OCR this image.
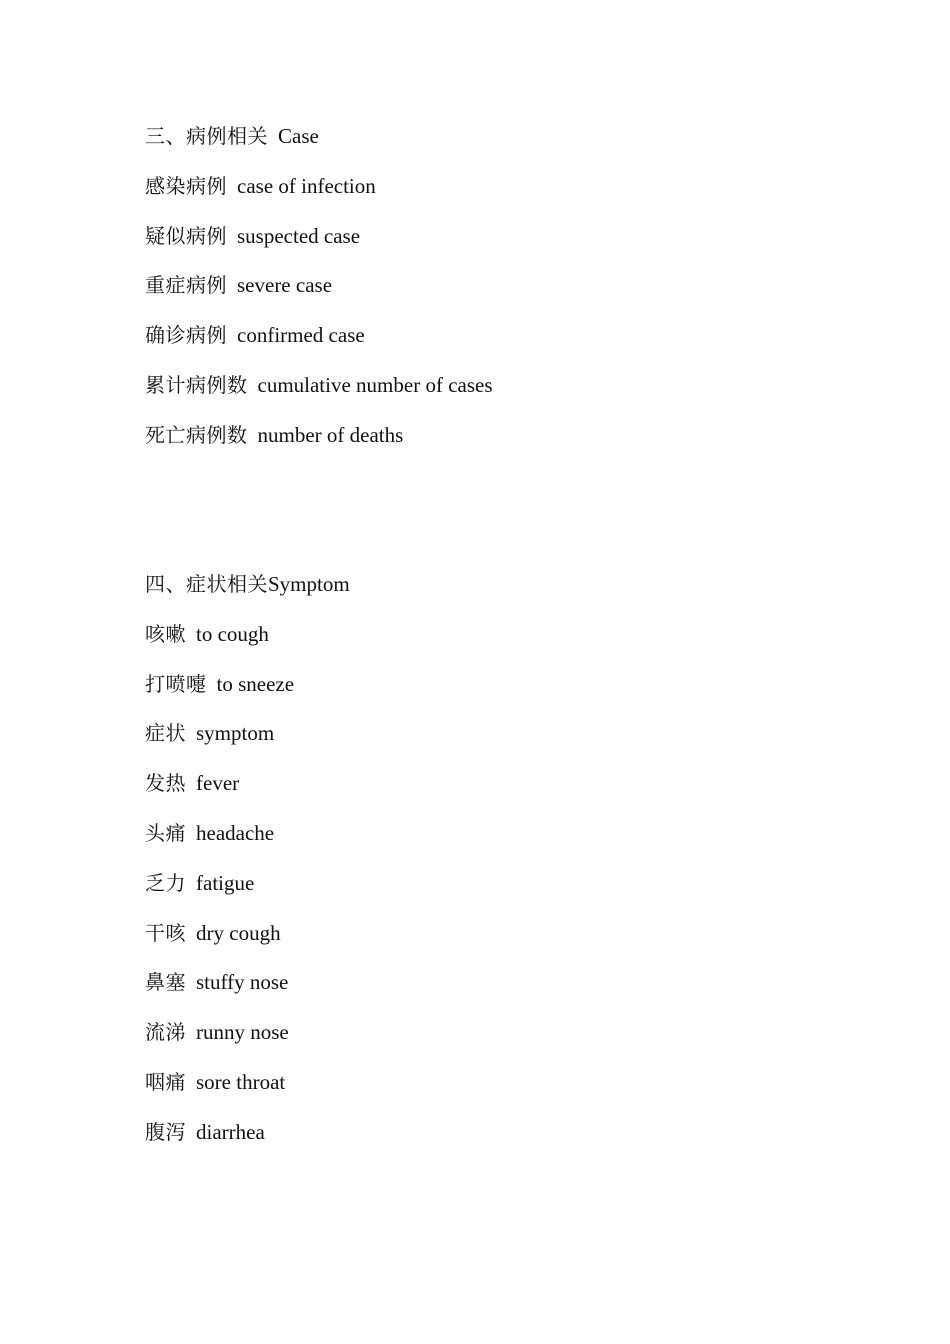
三、病例相关 Case
感染病例 case of infection
疑似病例 suspected case
重症病例 severe case
确诊病例 confirmed case
累计病例数 cumulative number of cases
死亡病例数 number of deaths
四、症状相关Symptom
咳嗽 to cough
打喷嚏 to sneeze
症状 symptom
发热 fever
头痛 headache
乏力 fatigue
干咳 dry cough
鼻塞 stuffy nose
流涕 runny nose
咽痛 sore throat
腹泻 diarrhea
